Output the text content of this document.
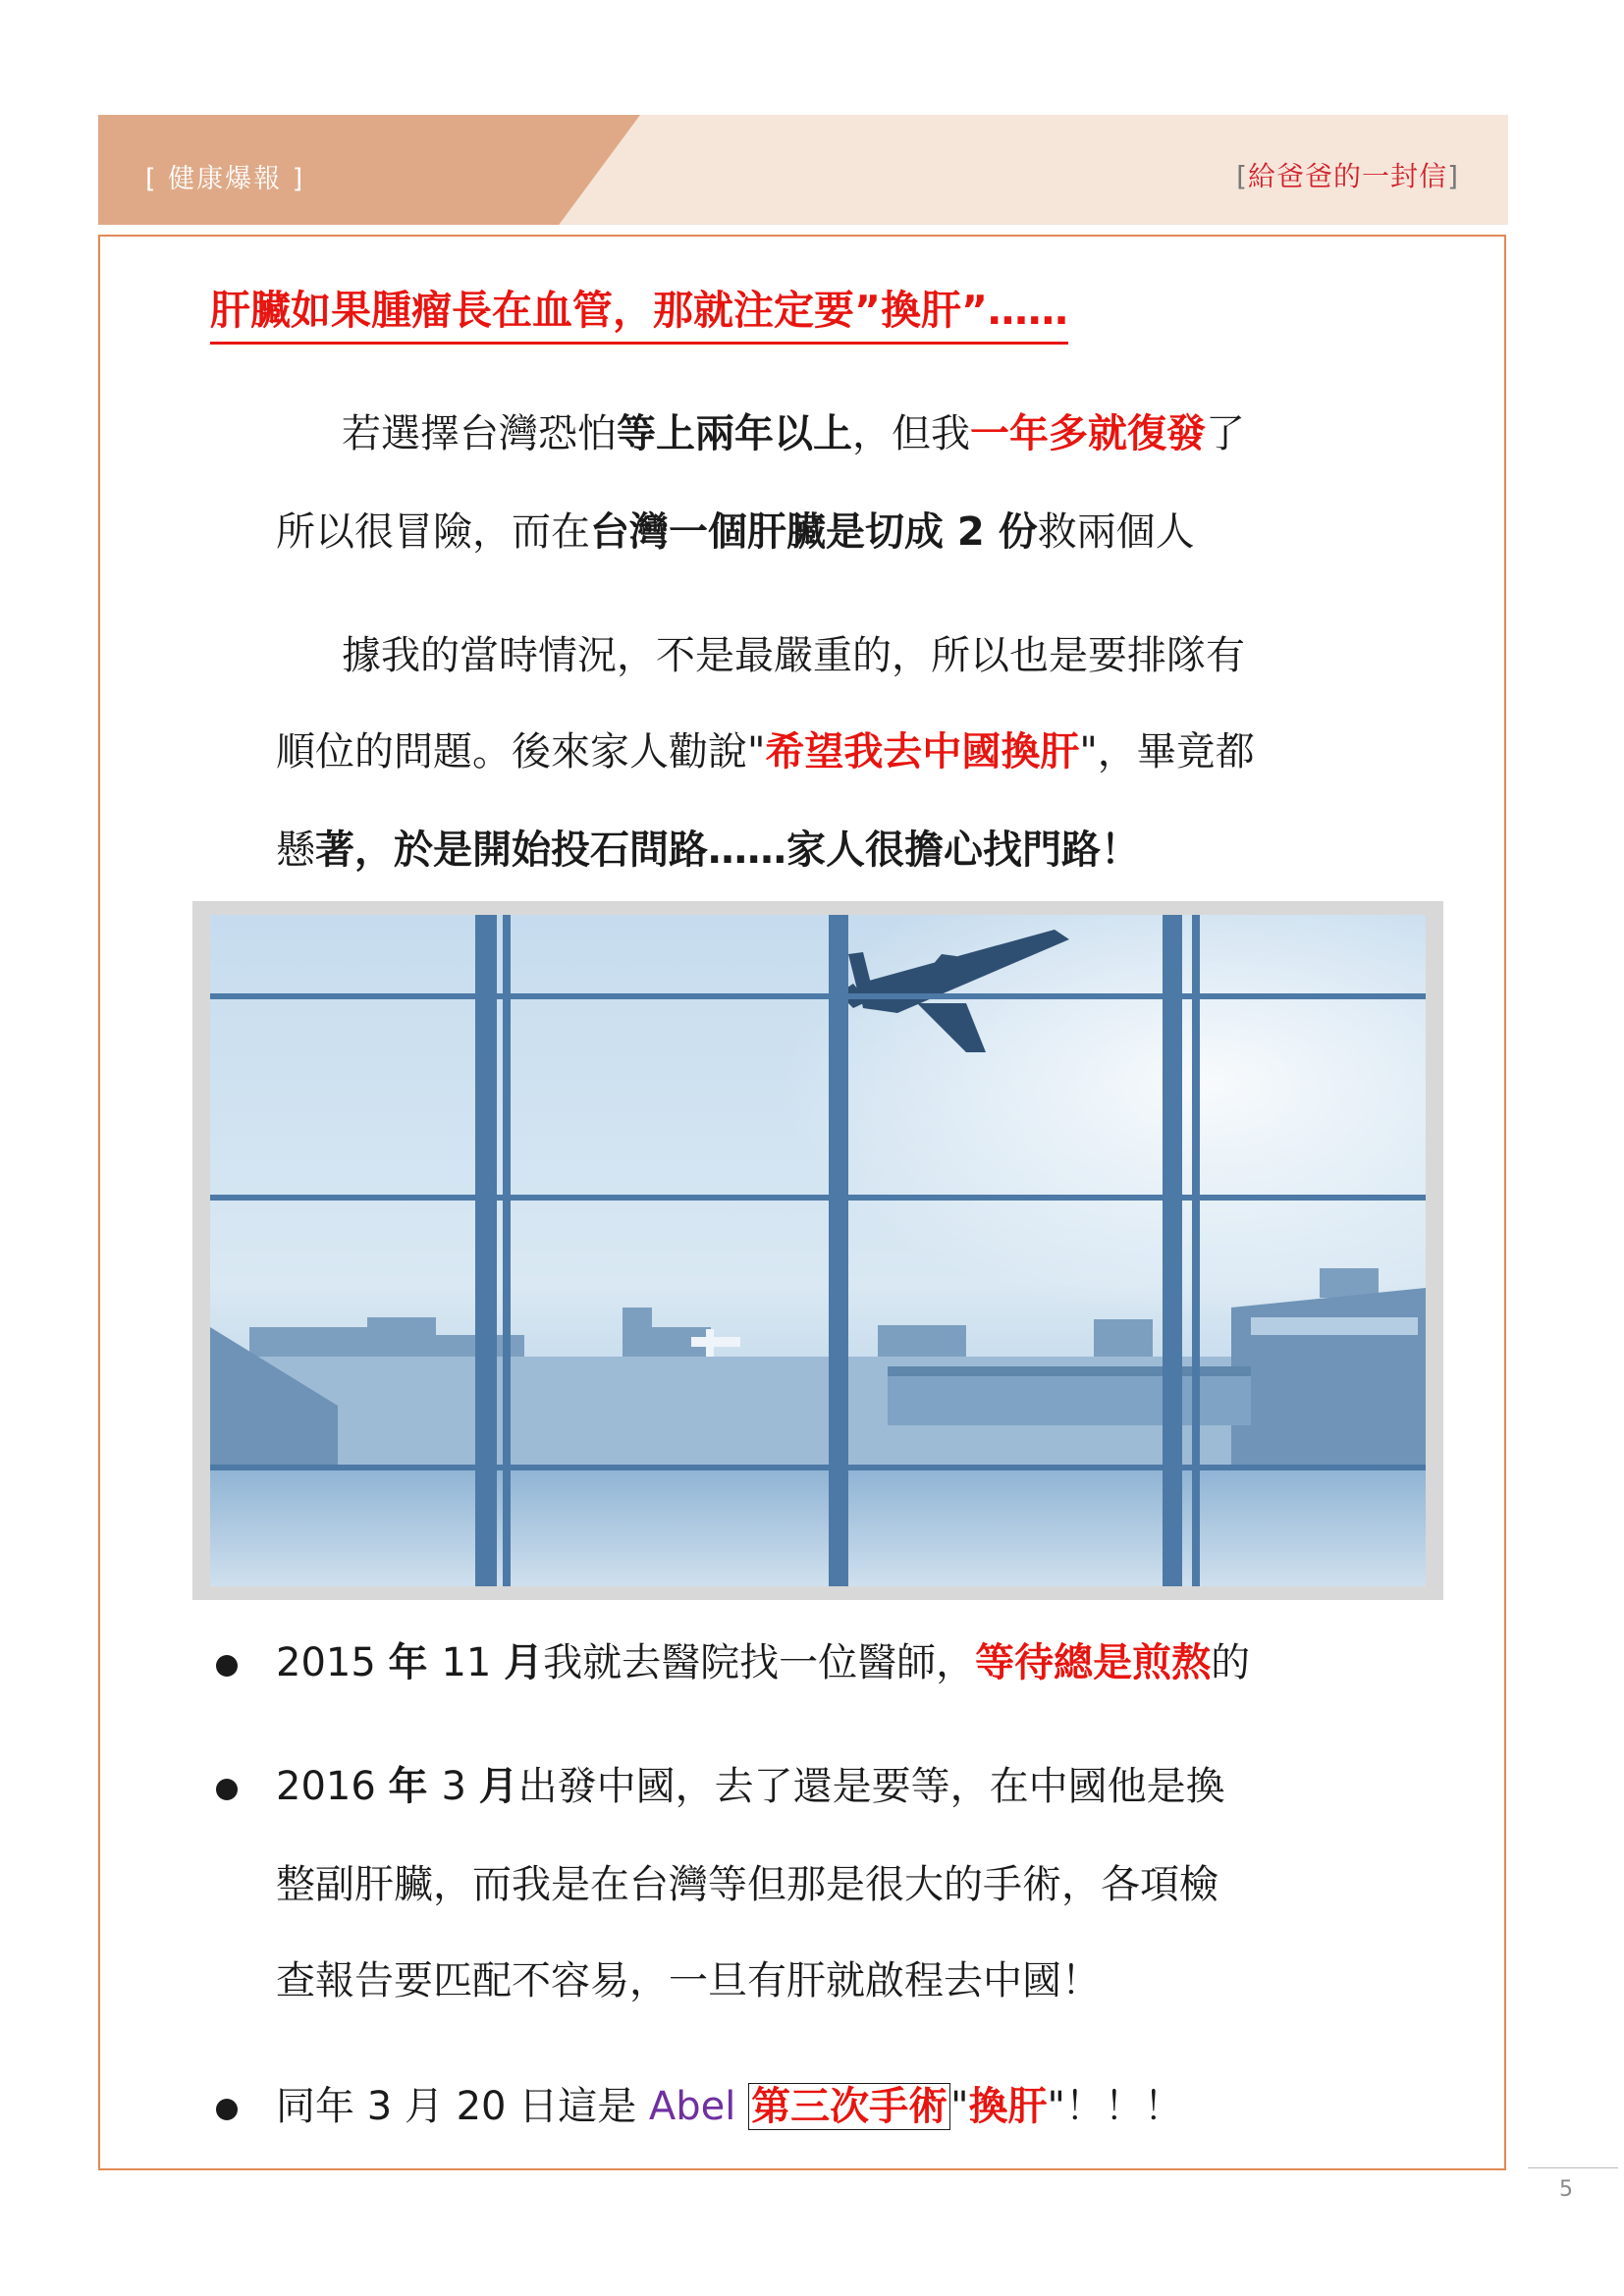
[ 健康爆報 ]	[給爸爸的一封信]
肝臟如果腫瘤長在血管，那就注定要”換肝”……
若選擇台灣恐怕等上兩年以上，但我一年多就復發了
所以很冒險，而在台灣一個肝臟是切成 2 份救兩個人
據我的當時情況，不是最嚴重的，所以也是要排隊有
順位的問題。後來家人勸說"希望我去中國換肝"，畢竟都
懸著，於是開始投石問路……家人很擔心找門路！
2015 年 11 月我就去醫院找一位醫師，等待總是煎熬的
2016 年 3 月出發中國，去了還是要等，在中國他是換
整副肝臟，而我是在台灣等但那是很大的手術，各項檢
查報告要匹配不容易，一旦有肝就啟程去中國！
同年 3 月 20 日這是 Abel 第三次手術"換肝"！！！
5
